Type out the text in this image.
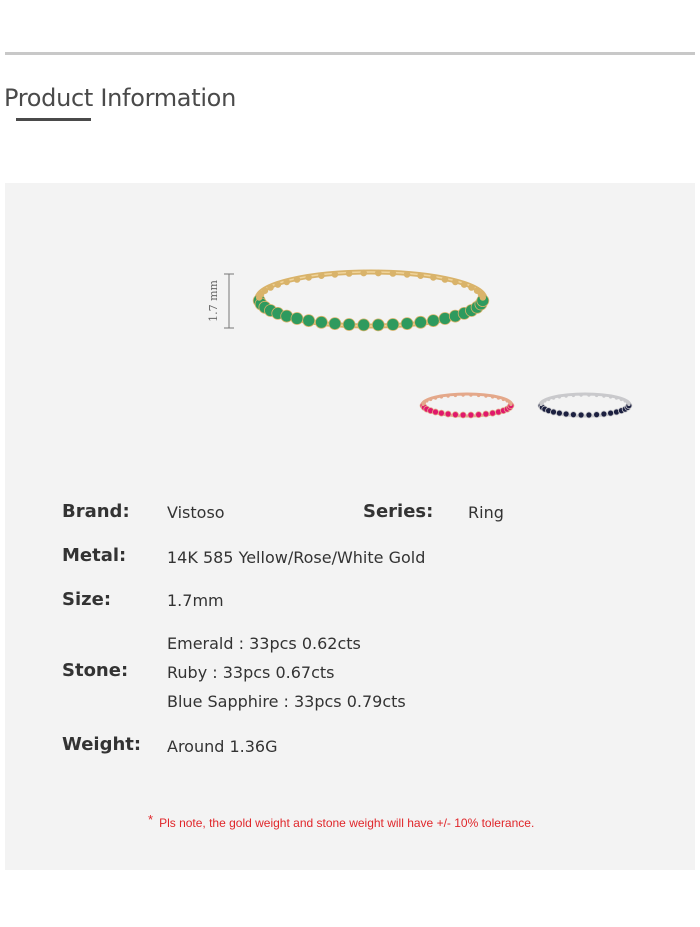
Product Information
1.7 mm
Brand: Vistoso	Series: Ring
Metal:	14K 585 Yellow/Rose/White Gold
Size:	1.7mm
Stone:
Emerald : 33pcs 0.62cts
Ruby : 33pcs 0.67cts
Blue Sapphire : 33pcs 0.79cts
Weight: Around 1.36G
* Pls note, the gold weight and stone weight will have +/- 10% tolerance.
